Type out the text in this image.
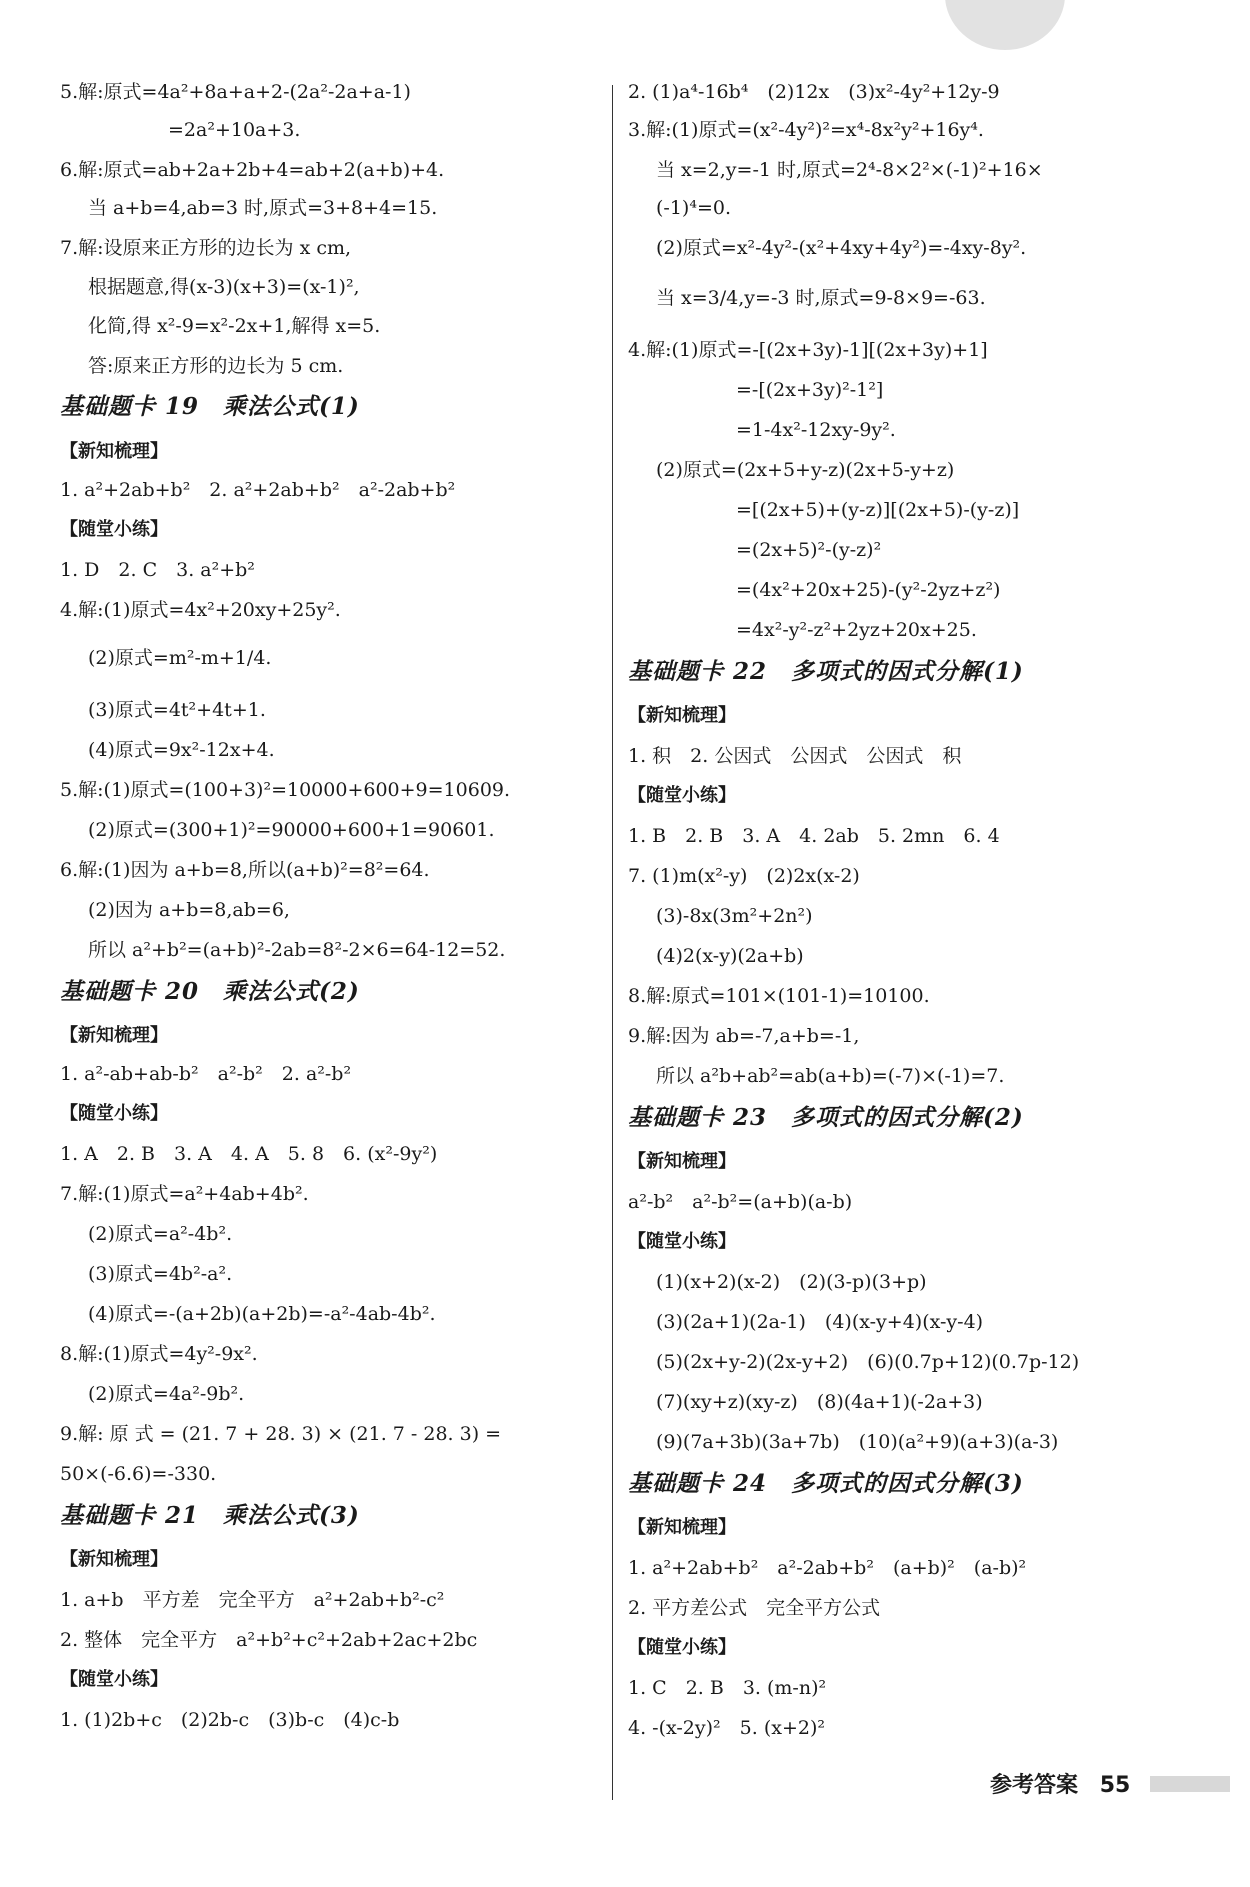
5.解:原式=4a²+8a+a+2-(2a²-2a+a-1)
=2a²+10a+3.
6.解:原式=ab+2a+2b+4=ab+2(a+b)+4.
当 a+b=4,ab=3 时,原式=3+8+4=15.
7.解:设原来正方形的边长为 x cm,
根据题意,得(x-3)(x+3)=(x-1)²,
化简,得 x²-9=x²-2x+1,解得 x=5.
答:原来正方形的边长为 5 cm.
基础题卡 19　乘法公式(1)
【新知梳理】
1. a²+2ab+b²　2. a²+2ab+b²　a²-2ab+b²
【随堂小练】
1. D　2. C　3. a²+b²
4.解:(1)原式=4x²+20xy+25y².
(2)原式=m²-m+1/4.
(3)原式=4t²+4t+1.
(4)原式=9x²-12x+4.
5.解:(1)原式=(100+3)²=10000+600+9=10609.
(2)原式=(300+1)²=90000+600+1=90601.
6.解:(1)因为 a+b=8,所以(a+b)²=8²=64.
(2)因为 a+b=8,ab=6,
所以 a²+b²=(a+b)²-2ab=8²-2×6=64-12=52.
基础题卡 20　乘法公式(2)
【新知梳理】
1. a²-ab+ab-b²　a²-b²　2. a²-b²
【随堂小练】
1. A　2. B　3. A　4. A　5. 8　6. (x²-9y²)
7.解:(1)原式=a²+4ab+4b².
(2)原式=a²-4b².
(3)原式=4b²-a².
(4)原式=-(a+2b)(a+2b)=-a²-4ab-4b².
8.解:(1)原式=4y²-9x².
(2)原式=4a²-9b².
9.解: 原 式 = (21. 7 + 28. 3) × (21. 7 - 28. 3) =
50×(-6.6)=-330.
基础题卡 21　乘法公式(3)
【新知梳理】
1. a+b　平方差　完全平方　a²+2ab+b²-c²
2. 整体　完全平方　a²+b²+c²+2ab+2ac+2bc
【随堂小练】
1. (1)2b+c　(2)2b-c　(3)b-c　(4)c-b
2. (1)a⁴-16b⁴　(2)12x　(3)x²-4y²+12y-9
3.解:(1)原式=(x²-4y²)²=x⁴-8x²y²+16y⁴.
当 x=2,y=-1 时,原式=2⁴-8×2²×(-1)²+16×
(-1)⁴=0.
(2)原式=x²-4y²-(x²+4xy+4y²)=-4xy-8y².
当 x=3/4,y=-3 时,原式=9-8×9=-63.
4.解:(1)原式=-[(2x+3y)-1][(2x+3y)+1]
=-[(2x+3y)²-1²]
=1-4x²-12xy-9y².
(2)原式=(2x+5+y-z)(2x+5-y+z)
=[(2x+5)+(y-z)][(2x+5)-(y-z)]
=(2x+5)²-(y-z)²
=(4x²+20x+25)-(y²-2yz+z²)
=4x²-y²-z²+2yz+20x+25.
基础题卡 22　多项式的因式分解(1)
【新知梳理】
1. 积　2. 公因式　公因式　公因式　积
【随堂小练】
1. B　2. B　3. A　4. 2ab　5. 2mn　6. 4
7. (1)m(x²-y)　(2)2x(x-2)
(3)-8x(3m²+2n²)
(4)2(x-y)(2a+b)
8.解:原式=101×(101-1)=10100.
9.解:因为 ab=-7,a+b=-1,
所以 a²b+ab²=ab(a+b)=(-7)×(-1)=7.
基础题卡 23　多项式的因式分解(2)
【新知梳理】
a²-b²　a²-b²=(a+b)(a-b)
【随堂小练】
(1)(x+2)(x-2)　(2)(3-p)(3+p)
(3)(2a+1)(2a-1)　(4)(x-y+4)(x-y-4)
(5)(2x+y-2)(2x-y+2)　(6)(0.7p+12)(0.7p-12)
(7)(xy+z)(xy-z)　(8)(4a+1)(-2a+3)
(9)(7a+3b)(3a+7b)　(10)(a²+9)(a+3)(a-3)
基础题卡 24　多项式的因式分解(3)
【新知梳理】
1. a²+2ab+b²　a²-2ab+b²　(a+b)²　(a-b)²
2. 平方差公式　完全平方公式
【随堂小练】
1. C　2. B　3. (m-n)²
4. -(x-2y)²　5. (x+2)²
参考答案 55
